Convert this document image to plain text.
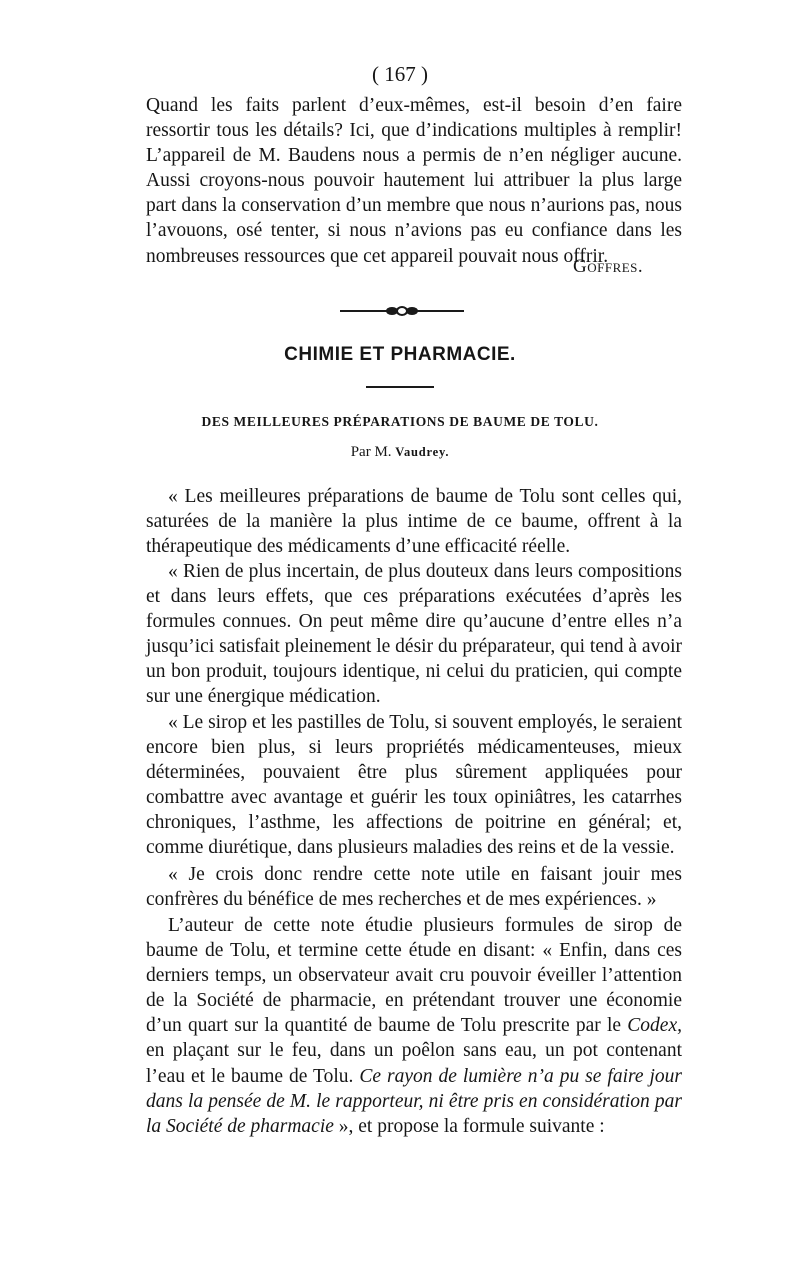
( 167 )

Quand les faits parlent d’eux-mêmes, est-il besoin d’en faire ressortir tous les détails? Ici, que d’indications multiples à remplir! L’appareil de M. Baudens nous a permis de n’en négliger aucune. Aussi croyons-nous pouvoir hautement lui attribuer la plus large part dans la conservation d’un membre que nous n’aurions pas, nous l’avouons, osé tenter, si nous n’avions pas eu confiance dans les nombreuses ressources que cet appareil pouvait nous offrir.

Goffres.
CHIMIE ET PHARMACIE.
DES MEILLEURES PRÉPARATIONS DE BAUME DE TOLU.
Par M. Vaudrey.

« Les meilleures préparations de baume de Tolu sont celles qui, saturées de la manière la plus intime de ce baume, offrent à la thérapeutique des médicaments d’une efficacité réelle.

« Rien de plus incertain, de plus douteux dans leurs compositions et dans leurs effets, que ces préparations exécutées d’après les formules connues. On peut même dire qu’aucune d’entre elles n’a jusqu’ici satisfait pleinement le désir du préparateur, qui tend à avoir un bon produit, toujours identique, ni celui du praticien, qui compte sur une énergique médication.

« Le sirop et les pastilles de Tolu, si souvent employés, le seraient encore bien plus, si leurs propriétés médicamenteuses, mieux déterminées, pouvaient être plus sûrement appliquées pour combattre avec avantage et guérir les toux opiniâtres, les catarrhes chroniques, l’asthme, les affections de poitrine en général; et, comme diurétique, dans plusieurs maladies des reins et de la vessie.

« Je crois donc rendre cette note utile en faisant jouir mes confrères du bénéfice de mes recherches et de mes expériences. »

L’auteur de cette note étudie plusieurs formules de sirop de baume de Tolu, et termine cette étude en disant: « Enfin, dans ces derniers temps, un observateur avait cru pouvoir éveiller l’attention de la Société de pharmacie, en prétendant trouver une économie d’un quart sur la quantité de baume de Tolu prescrite par le Codex, en plaçant sur le feu, dans un poêlon sans eau, un pot contenant l’eau et le baume de Tolu. Ce rayon de lumière n’a pu se faire jour dans la pensée de M. le rapporteur, ni être pris en considération par la Société de pharmacie », et propose la formule suivante :
